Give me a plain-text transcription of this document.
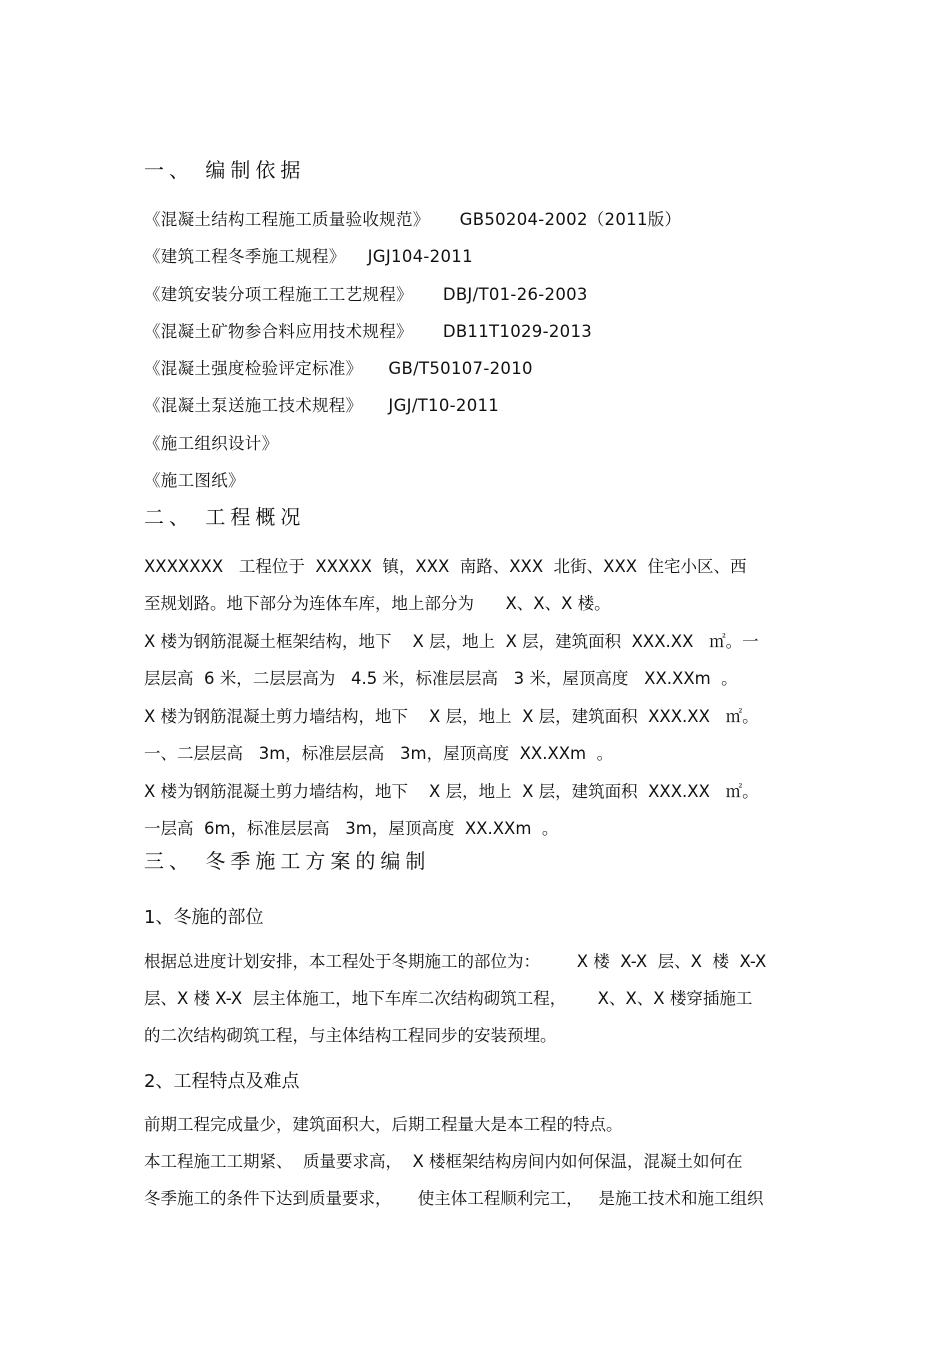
一、 编制依据
《混凝土结构工程施工质量验收规范》 GB50204-2002（2011版）
《建筑工程冬季施工规程》 JGJ104-2011
《建筑安装分项工程施工工艺规程》 DBJ/T01-26-2003
《混凝土矿物参合料应用技术规程》 DB11T1029-2013
《混凝土强度检验评定标准》 GB/T50107-2010
《混凝土泵送施工技术规程》 JGJ/T10-2011
《施工组织设计》
《施工图纸》
二、 工程概况
XXXXXXX   工程位于  XXXXX  镇，XXX  南路、XXX  北街、XXX  住宅小区、西
至规划路。地下部分为连体车库，地上部分为      X、X、X 楼。
X 楼为钢筋混凝土框架结构，地下    X 层，地上  X 层，建筑面积  XXX.XX   ㎡。一
层层高  6 米，二层层高为   4.5 米，标准层层高   3 米，屋顶高度   XX.XXm  。
X 楼为钢筋混凝土剪力墙结构，地下    X 层，地上  X 层，建筑面积  XXX.XX   ㎡。
一、二层层高   3m，标准层层高   3m，屋顶高度  XX.XXm  。
X 楼为钢筋混凝土剪力墙结构，地下    X 层，地上  X 层，建筑面积  XXX.XX   ㎡。
一层高  6m，标准层层高   3m，屋顶高度  XX.XXm  。
三、 冬季施工方案的编制
1、冬施的部位
根据总进度计划安排，本工程处于冬期施工的部位为：       X 楼  X-X  层、X  楼  X-X
层、X 楼 X-X  层主体施工，地下车库二次结构砌筑工程，      X、X、X 楼穿插施工
的二次结构砌筑工程，与主体结构工程同步的安装预埋。
2、工程特点及难点
前期工程完成量少，建筑面积大，后期工程量大是本工程的特点。
本工程施工工期紧、  质量要求高，  X 楼框架结构房间内如何保温，混凝土如何在
冬季施工的条件下达到质量要求，     使主体工程顺利完工，   是施工技术和施工组织
